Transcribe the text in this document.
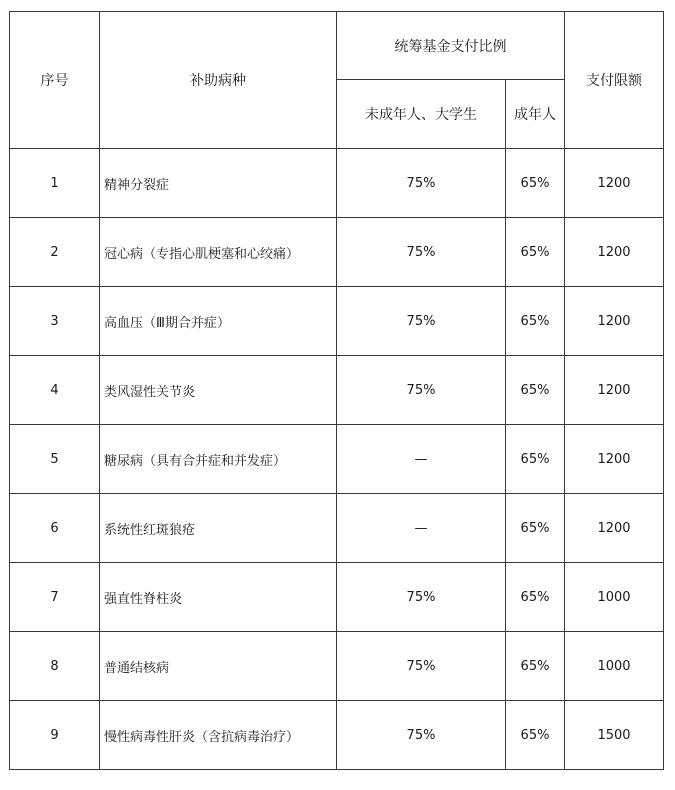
序号	补助病种	统筹基金支付比例		支付限额
		未成年人、大学生	成年人	
1	精神分裂症	75%	65%	1200
2	冠心病（专指心肌梗塞和心绞痛）	75%	65%	1200
3	高血压（Ⅲ期合并症）	75%	65%	1200
4	类风湿性关节炎	75%	65%	1200
5	糖尿病（具有合并症和并发症）	—	65%	1200
6	系统性红斑狼疮	—	65%	1200
7	强直性脊柱炎	75%	65%	1000
8	普通结核病	75%	65%	1000
9	慢性病毒性肝炎（含抗病毒治疗）	75%	65%	1500
